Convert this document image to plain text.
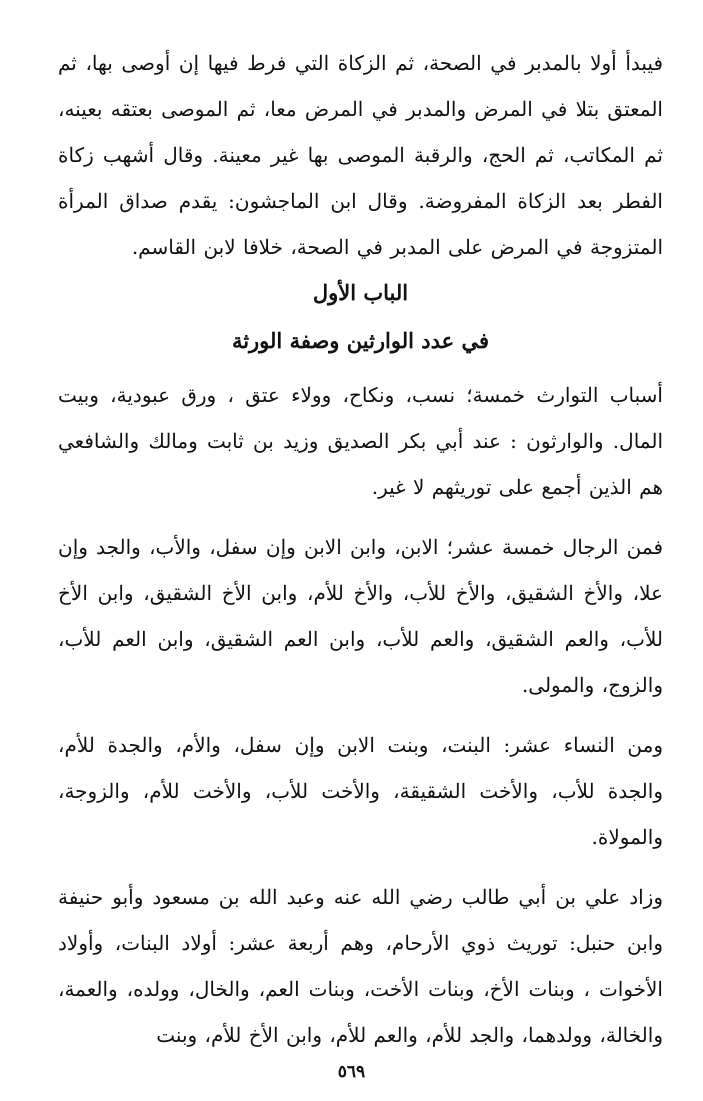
فيبدأ أولا بالمدبر في الصحة، ثم الزكاة التي فرط فيها إن أوصى بها، ثم المعتق بتلا في المرض والمدبر في المرض معا، ثم الموصى بعتقه بعينه، ثم المكاتب، ثم الحج، والرقبة الموصى بها غير معينة. وقال أشهب زكاة الفطر بعد الزكاة المفروضة. وقال ابن الماجشون: يقدم صداق المرأة المتزوجة في المرض على المدبر في الصحة، خلافا لابن القاسم.

الباب الأول
في عدد الوارثين وصفة الورثة

أسباب التوارث خمسة؛ نسب، ونكاح، وولاء عتق ، ورق عبودية، وبيت المال. والوارثون : عند أبي بكر الصديق وزيد بن ثابت ومالك والشافعي هم الذين أجمع على توريثهم لا غير.

فمن الرجال خمسة عشر؛ الابن، وابن الابن وإن سفل، والأب، والجد وإن علا، والأخ الشقيق، والأخ للأب، والأخ للأم، وابن الأخ الشقيق، وابن الأخ للأب، والعم الشقيق، والعم للأب، وابن العم الشقيق، وابن العم للأب، والزوج، والمولى.

ومن النساء عشر: البنت، وبنت الابن وإن سفل، والأم، والجدة للأم، والجدة للأب، والأخت الشقيقة، والأخت للأب، والأخت للأم، والزوجة، والمولاة.

وزاد علي بن أبي طالب رضي الله عنه وعبد الله بن مسعود وأبو حنيفة وابن حنبل: توريث ذوي الأرحام، وهم أربعة عشر: أولاد البنات، وأولاد الأخوات ، وبنات الأخ، وبنات الأخت، وبنات العم، والخال، وولده، والعمة، والخالة، وولدهما، والجد للأم، والعم للأم، وابن الأخ للأم، وبنت

٥٦٩
